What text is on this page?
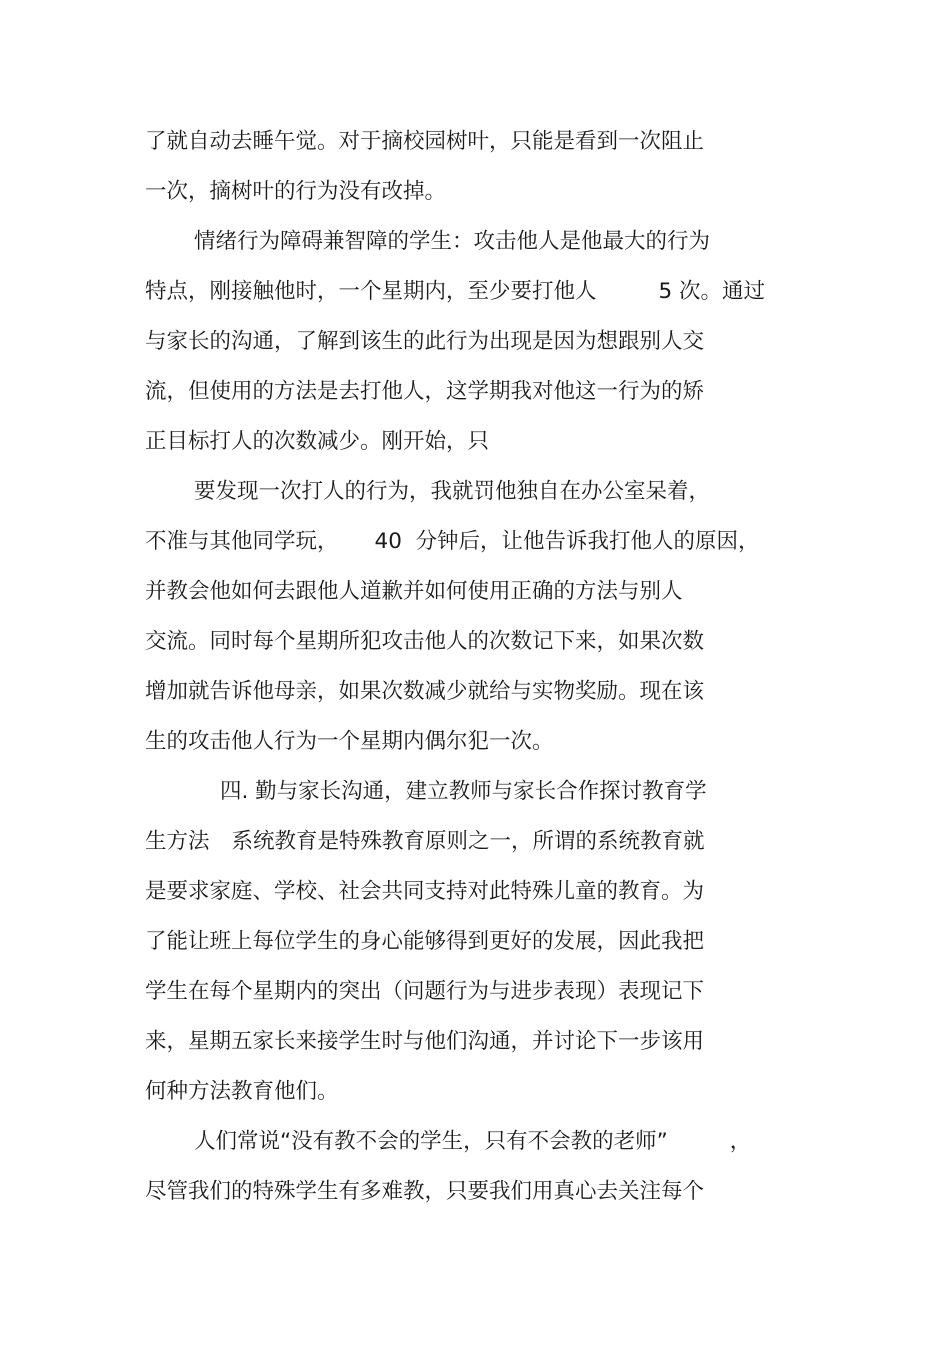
了就自动去睡午觉。对于摘校园树叶，只能是看到一次阻止
一次，摘树叶的行为没有改掉。
情绪行为障碍兼智障的学生：攻击他人是他最大的行为
特点，刚接触他时，一个星期内，至少要打他人	5 次。通过
与家长的沟通，了解到该生的此行为出现是因为想跟别人交
流，但使用的方法是去打他人，这学期我对他这一行为的矫
正目标打人的次数减少。刚开始，只
要发现一次打人的行为，我就罚他独自在办公室呆着，
不准与其他同学玩， 40  分钟后，让他告诉我打他人的原因，
并教会他如何去跟他人道歉并如何使用正确的方法与别人
交流。同时每个星期所犯攻击他人的次数记下来，如果次数
增加就告诉他母亲，如果次数减少就给与实物奖励。现在该
生的攻击他人行为一个星期内偶尔犯一次。
四. 勤与家长沟通，建立教师与家长合作探讨教育学
生方法 系统教育是特殊教育原则之一，所谓的系统教育就
是要求家庭、学校、社会共同支持对此特殊儿童的教育。为
了能让班上每位学生的身心能够得到更好的发展，因此我把
学生在每个星期内的突出（问题行为与进步表现）表现记下
来，星期五家长来接学生时与他们沟通，并讨论下一步该用
何种方法教育他们。
人们常说“没有教不会的学生，只有不会教的老师”	，
尽管我们的特殊学生有多难教，只要我们用真心去关注每个
